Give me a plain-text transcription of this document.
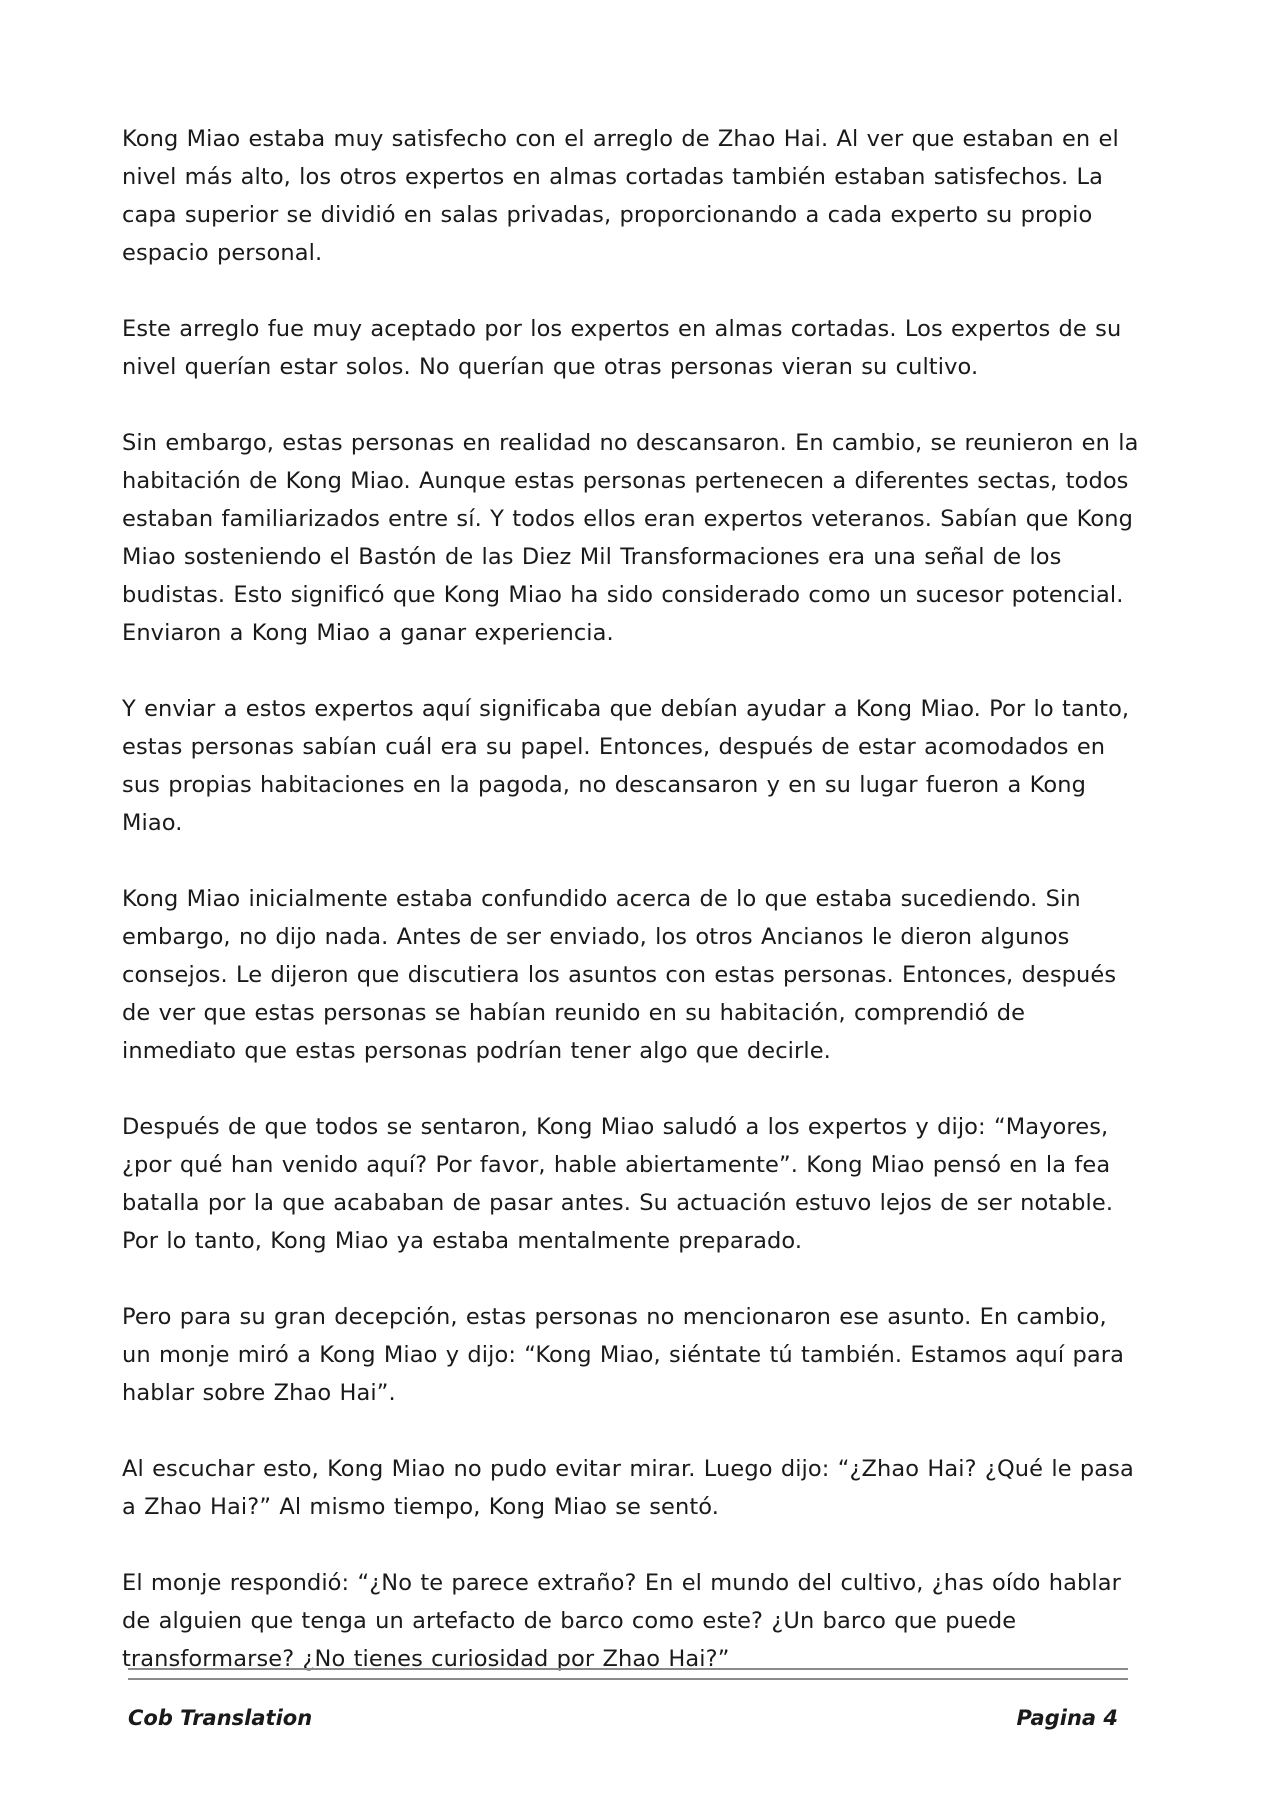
Kong Miao estaba muy satisfecho con el arreglo de Zhao Hai. Al ver que estaban en el nivel más alto, los otros expertos en almas cortadas también estaban satisfechos. La capa superior se dividió en salas privadas, proporcionando a cada experto su propio espacio personal.

Este arreglo fue muy aceptado por los expertos en almas cortadas. Los expertos de su nivel querían estar solos. No querían que otras personas vieran su cultivo.

Sin embargo, estas personas en realidad no descansaron. En cambio, se reunieron en la habitación de Kong Miao. Aunque estas personas pertenecen a diferentes sectas, todos estaban familiarizados entre sí. Y todos ellos eran expertos veteranos. Sabían que Kong Miao sosteniendo el Bastón de las Diez Mil Transformaciones era una señal de los budistas. Esto significó que Kong Miao ha sido considerado como un sucesor potencial. Enviaron a Kong Miao a ganar experiencia.

Y enviar a estos expertos aquí significaba que debían ayudar a Kong Miao. Por lo tanto, estas personas sabían cuál era su papel. Entonces, después de estar acomodados en sus propias habitaciones en la pagoda, no descansaron y en su lugar fueron a Kong Miao.

Kong Miao inicialmente estaba confundido acerca de lo que estaba sucediendo. Sin embargo, no dijo nada. Antes de ser enviado, los otros Ancianos le dieron algunos consejos. Le dijeron que discutiera los asuntos con estas personas. Entonces, después de ver que estas personas se habían reunido en su habitación, comprendió de inmediato que estas personas podrían tener algo que decirle.

Después de que todos se sentaron, Kong Miao saludó a los expertos y dijo: “Mayores, ¿por qué han venido aquí? Por favor, hable abiertamente”. Kong Miao pensó en la fea batalla por la que acababan de pasar antes. Su actuación estuvo lejos de ser notable. Por lo tanto, Kong Miao ya estaba mentalmente preparado.

Pero para su gran decepción, estas personas no mencionaron ese asunto. En cambio, un monje miró a Kong Miao y dijo: “Kong Miao, siéntate tú también. Estamos aquí para hablar sobre Zhao Hai”.

Al escuchar esto, Kong Miao no pudo evitar mirar. Luego dijo: “¿Zhao Hai? ¿Qué le pasa a Zhao Hai?” Al mismo tiempo, Kong Miao se sentó.

El monje respondió: “¿No te parece extraño? En el mundo del cultivo, ¿has oído hablar de alguien que tenga un artefacto de barco como este? ¿Un barco que puede transformarse? ¿No tienes curiosidad por Zhao Hai?”

Cob Translation	Pagina 4
